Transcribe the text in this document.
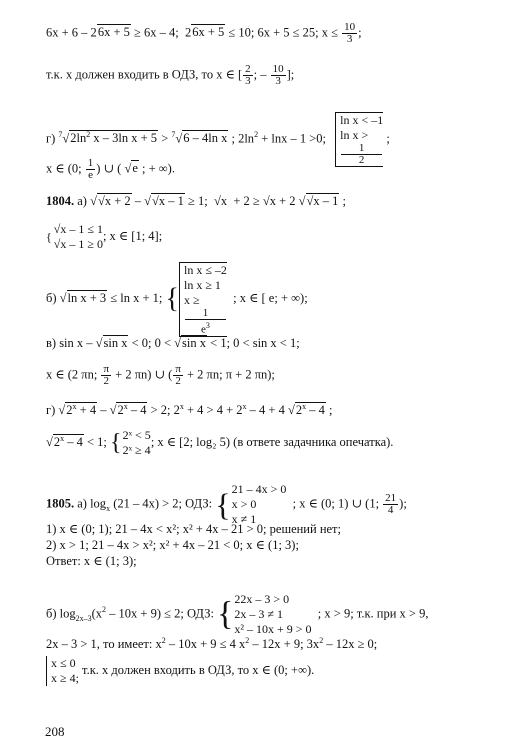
6x + 6 – 26x + 5 ≥ 6x – 4;  26x + 5 ≤ 10; 6x + 5 ≤ 25; $x \le \frac{10}{3}$ ;
т.к. x должен входить в ОДЗ, то x ∈ [ $\frac{2}{3}$ ; – $\frac{10}{3}$ ];
г) $^7√2\ln^2$ x – 3ln x + 5 > $^7$√6 – 4ln x ; $2\ln^2 + \ln x - 1 >0$;
ln x < –1
ln x >
1
2
;
x ∈ (0; $\frac{1}{e}$ ) ∪ ( √e ; + ∞).
1804. а) √√x + 2 – √√x – 1 ≥ 1;  √x  + 2 ≥ √x + 2 √√x – 1 ;
{
√x – 1 ≤ 1
√x – 1 ≥ 0
; x ∈ [1; 4];
б) √ln x + 3 ≤ ln x + 1; {
ln x ≤ –2
ln x ≥ 1
x ≥
1
$e^3$
; x ∈ [ e; + ∞);
в) sin x – √sin x < 0; 0 < √sin x < 1; 0 < sin x < 1;
x ∈ (2 πn; $\frac{\pi}{2} + 2$ πn) ∪ ( $\frac{\pi}{2} + 2$ πn; π + 2 πn);
г) $√2^x + 4 - √2^x - 4 > 2$; $2^x + 4 > 4 + 2^x - 4 + 4$ √2$^x$ – 4 ;
√2$^x$ – 4 < 1; { 2ˣ < 5
2ˣ ≥ 4
; x ∈ [2; log₂ 5) (в ответе задачника опечатка).
1805. а) $\log_x (21 - 4x) > 2$; ОДЗ: { 21 – 4x > 0
x > 0
x ≠ 1
; x ∈ (0; 1) ∪ (1; $\frac{21}{4}$ );
1) x ∈ (0; 1); 21 – 4x < x²; x² + 4x – 21 > 0; решений нет;
2) x > 1; 21 – 4x > x²; x² + 4x – 21 < 0; x ∈ (1; 3);
Ответ: x ∈ (1; 3);
б) $\log_{2x-3}(x^2 - 10x + 9) \le 2$; ОДЗ: { 22x – 3 > 0
2x – 3 ≠ 1
x² – 10x + 9 > 0
; x > 9; т.к. при x > 9,
2x – 3 > 1, то имеет: $x^2 - 10x + 9 \le 4$ $x^2 - 12x + 9$; $3x^2 - 12x \ge 0$;
x ≤ 0
x ≥ 4;
т.к. x должен входить в ОДЗ, то x ∈ (0; +∞).
208
